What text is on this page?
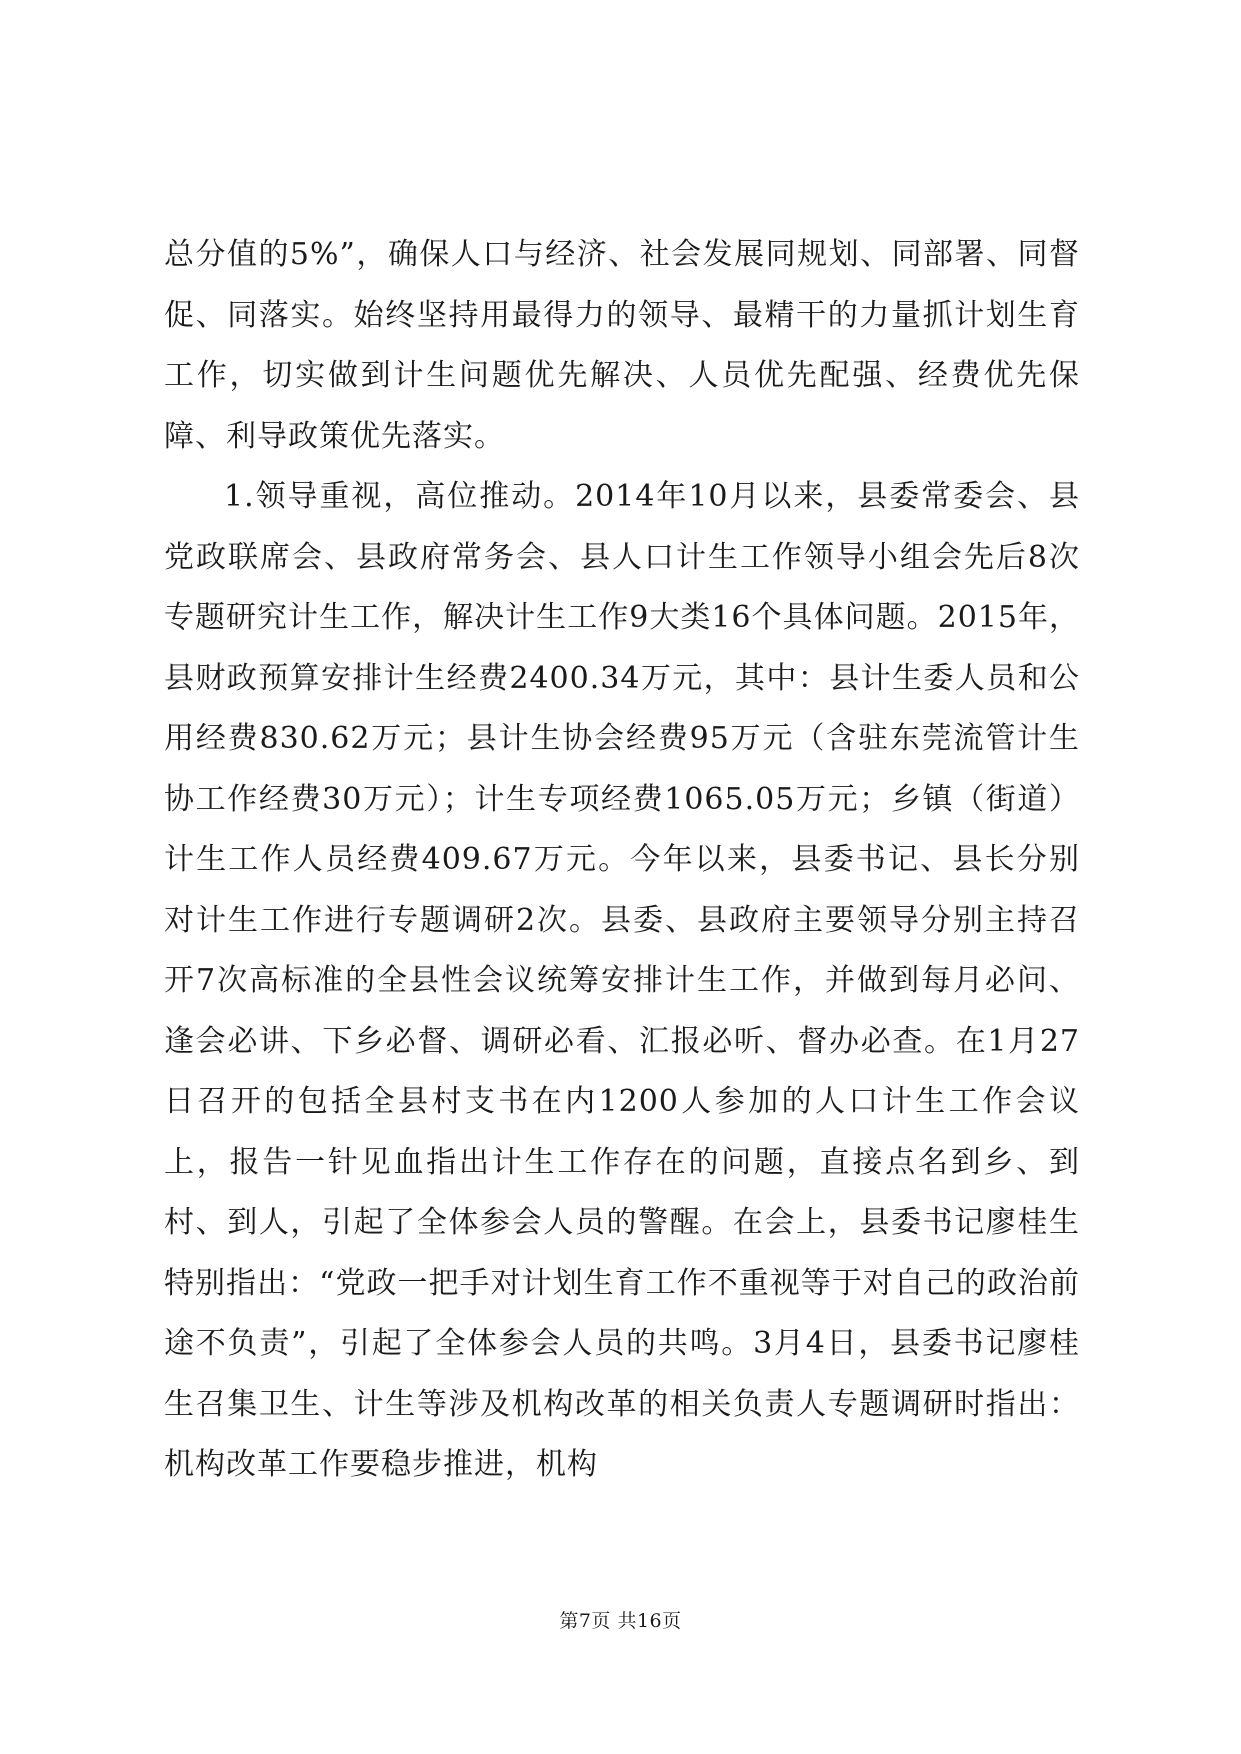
总分值的5%”，确保人口与经济、社会发展同规划、同部署、同督促、同落实。始终坚持用最得力的领导、最精干的力量抓计划生育工作，切实做到计生问题优先解决、人员优先配强、经费优先保障、利导政策优先落实。

1.领导重视，高位推动。2014年10月以来，县委常委会、县党政联席会、县政府常务会、县人口计生工作领导小组会先后8次专题研究计生工作，解决计生工作9大类16个具体问题。2015年，县财政预算安排计生经费2400.34万元，其中：县计生委人员和公用经费830.62万元；县计生协会经费95万元（含驻东莞流管计生协工作经费30万元）；计生专项经费1065.05万元；乡镇（街道）计生工作人员经费409.67万元。今年以来，县委书记、县长分别对计生工作进行专题调研2次。县委、县政府主要领导分别主持召开7次高标准的全县性会议统筹安排计生工作，并做到每月必问、逢会必讲、下乡必督、调研必看、汇报必听、督办必查。在1月27日召开的包括全县村支书在内1200人参加的人口计生工作会议上，报告一针见血指出计生工作存在的问题，直接点名到乡、到村、到人，引起了全体参会人员的警醒。在会上，县委书记廖桂生特别指出：“党政一把手对计划生育工作不重视等于对自己的政治前途不负责”，引起了全体参会人员的共鸣。3月4日，县委书记廖桂生召集卫生、计生等涉及机构改革的相关负责人专题调研时指出：机构改革工作要稳步推进，机构

第7页 共16页
